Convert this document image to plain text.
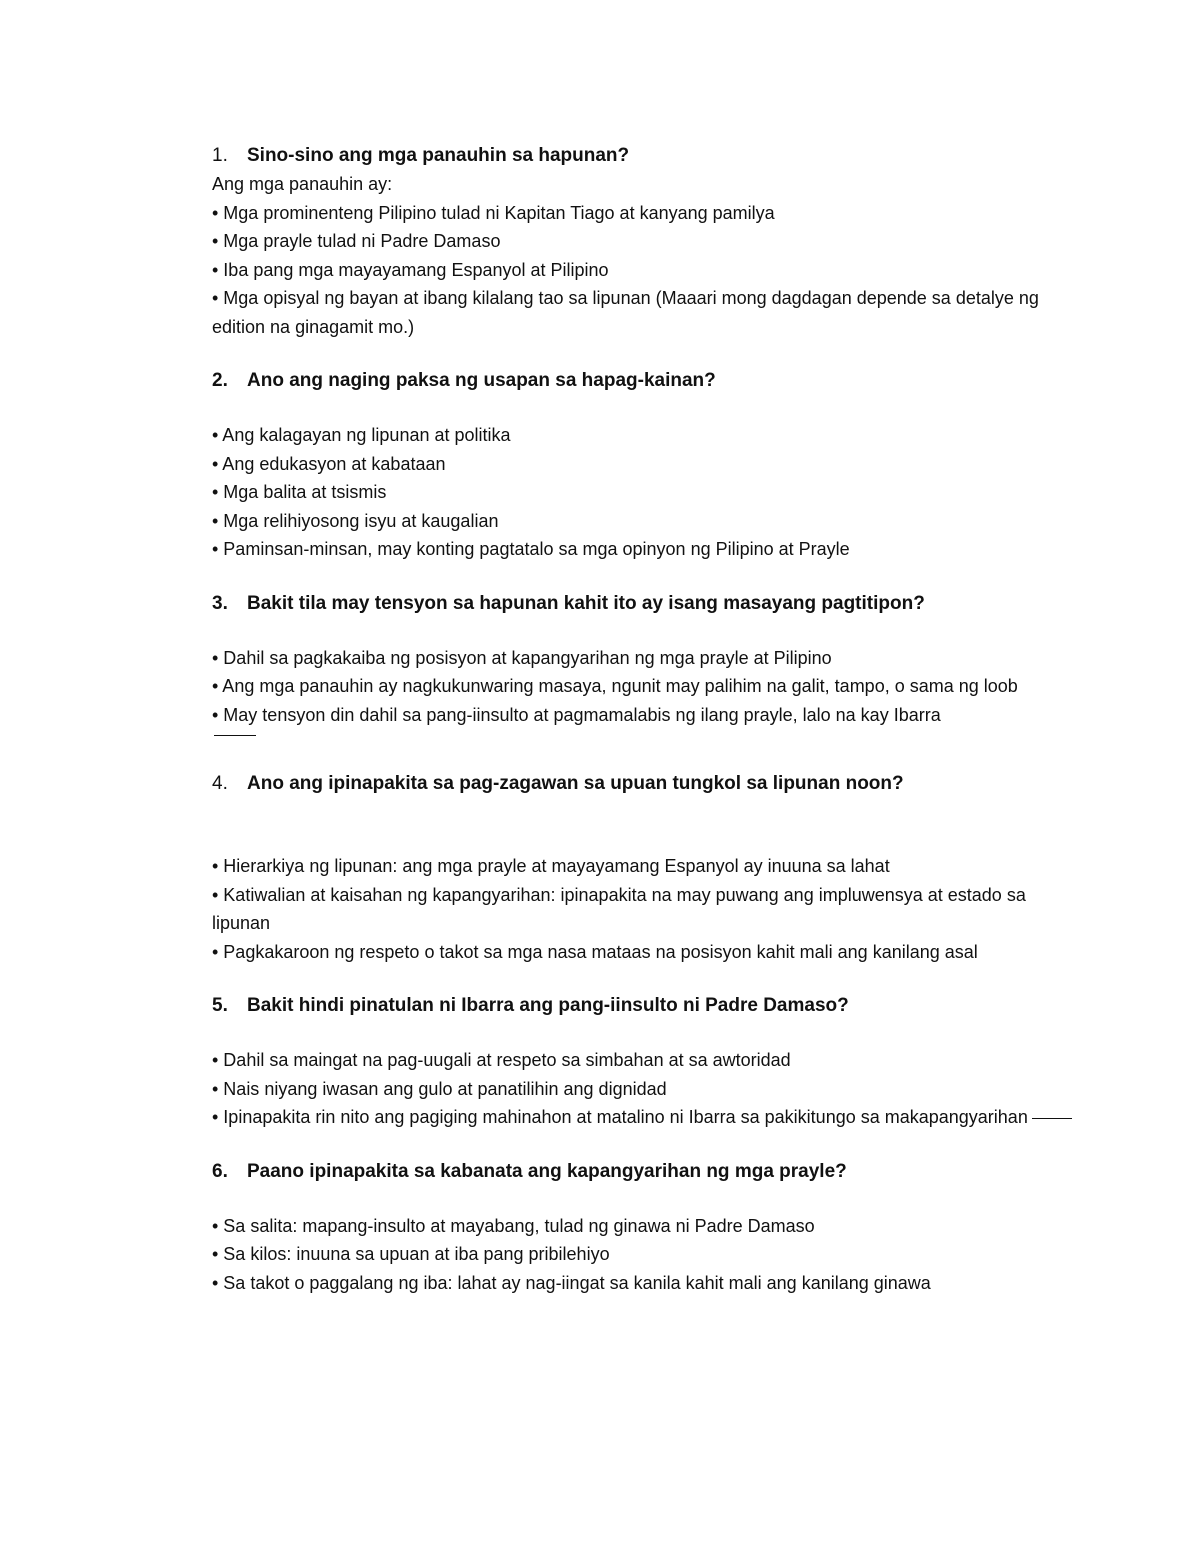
1.	Sino-sino ang mga panauhin sa hapunan?

Ang mga panauhin ay:

• Mga prominenteng Pilipino tulad ni Kapitan Tiago at kanyang pamilya

• Mga prayle tulad ni Padre Damaso

• Iba pang mga mayayamang Espanyol at Pilipino

• Mga opisyal ng bayan at ibang kilalang tao sa lipunan (Maaari mong dagdagan depende sa detalye ng edition na ginagamit mo.)

2.	Ano ang naging paksa ng usapan sa hapag-kainan?

• Ang kalagayan ng lipunan at politika

• Ang edukasyon at kabataan

• Mga balita at tsismis

• Mga relihiyosong isyu at kaugalian

• Paminsan-minsan, may konting pagtatalo sa mga opinyon ng Pilipino at Prayle

3.	Bakit tila may tensyon sa hapunan kahit ito ay isang masayang pagtitipon?

• Dahil sa pagkakaiba ng posisyon at kapangyarihan ng mga prayle at Pilipino

• Ang mga panauhin ay nagkukunwaring masaya, ngunit may palihim na galit, tampo, o sama ng loob

• May tensyon din dahil sa pang-iinsulto at pagmamalabis ng ilang prayle, lalo na kay Ibarra

4.	Ano ang ipinapakita sa pag-zagawan sa upuan tungkol sa lipunan noon?

• Hierarkiya ng lipunan: ang mga prayle at mayayamang Espanyol ay inuuna sa lahat

• Katiwalian at kaisahan ng kapangyarihan: ipinapakita na may puwang ang impluwensya at estado sa lipunan

• Pagkakaroon ng respeto o takot sa mga nasa mataas na posisyon kahit mali ang kanilang asal

5.	Bakit hindi pinatulan ni Ibarra ang pang-iinsulto ni Padre Damaso?

• Dahil sa maingat na pag-uugali at respeto sa simbahan at sa awtoridad

• Nais niyang iwasan ang gulo at panatilihin ang dignidad

• Ipinapakita rin nito ang pagiging mahinahon at matalino ni Ibarra sa pakikitungo sa makapangyarihan

6.	Paano ipinapakita sa kabanata ang kapangyarihan ng mga prayle?

• Sa salita: mapang-insulto at mayabang, tulad ng ginawa ni Padre Damaso

• Sa kilos: inuuna sa upuan at iba pang pribilehiyo

• Sa takot o paggalang ng iba: lahat ay nag-iingat sa kanila kahit mali ang kanilang ginawa
